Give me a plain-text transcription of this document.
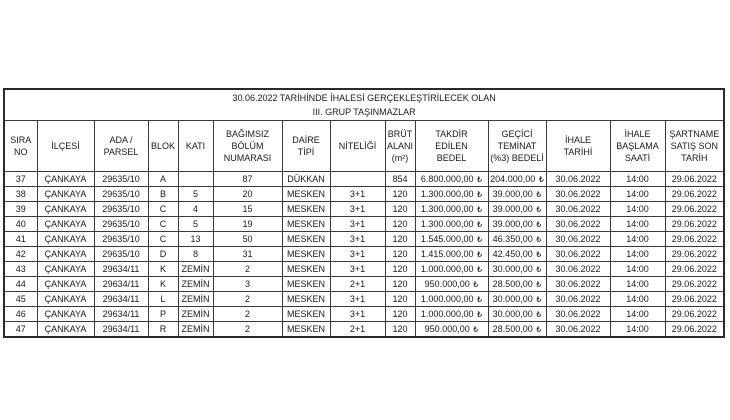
30.06.2022 TARİHİNDE İHALESİ GERÇEKLEŞTİRİLECEK OLAN
III. GRUP TAŞINMAZLAR													

SIRA
NO	İLÇESİ	ADA /
PARSEL	BLOK	KATI	BAĞIMSIZ
BÖLÜM
NUMARASI	DAİRE
TİPİ	NİTELİĞİ	BRÜT
ALANI
(m²)	TAKDİR
EDİLEN
BEDEL	GEÇİCİ
TEMİNAT
(%3) BEDELİ	İHALE
TARİHİ	İHALE
BAŞLAMA
SAATİ	ŞARTNAME
SATIŞ SON
TARİH
37	ÇANKAYA	29635/10	A		87	DÜKKAN		854	6.800.000,00 ₺	204.000,00 ₺	30.06.2022	14:00	29.06.2022
38	ÇANKAYA	29635/10	B	5	20	MESKEN	3+1	120	1.300.000,00 ₺	39.000,00 ₺	30.06.2022	14:00	29.06.2022
39	ÇANKAYA	29635/10	C	4	15	MESKEN	3+1	120	1.300.000,00 ₺	39.000,00 ₺	30.06.2022	14:00	29.06.2022
40	ÇANKAYA	29635/10	C	5	19	MESKEN	3+1	120	1.300.000,00 ₺	39.000,00 ₺	30.06.2022	14:00	29.06.2022
41	ÇANKAYA	29635/10	C	13	50	MESKEN	3+1	120	1.545.000,00 ₺	46.350,00 ₺	30.06.2022	14:00	29.06.2022
42	ÇANKAYA	29635/10	D	8	31	MESKEN	3+1	120	1.415.000,00 ₺	42.450,00 ₺	30.06.2022	14:00	29.06.2022
43	ÇANKAYA	29634/11	K	ZEMİN	2	MESKEN	3+1	120	1.000.000,00 ₺	30.000,00 ₺	30.06.2022	14:00	29.06.2022
44	ÇANKAYA	29634/11	K	ZEMİN	3	MESKEN	2+1	120	950.000,00 ₺	28.500,00 ₺	30.06.2022	14:00	29.06.2022
45	ÇANKAYA	29634/11	L	ZEMİN	2	MESKEN	3+1	120	1.000.000,00 ₺	30.000,00 ₺	30.06.2022	14:00	29.06.2022
46	ÇANKAYA	29634/11	P	ZEMİN	2	MESKEN	3+1	120	1.000.000,00 ₺	30.000,00 ₺	30.06.2022	14:00	29.06.2022
47	ÇANKAYA	29634/11	R	ZEMİN	2	MESKEN	2+1	120	950.000,00 ₺	28.500,00 ₺	30.06.2022	14:00	29.06.2022
